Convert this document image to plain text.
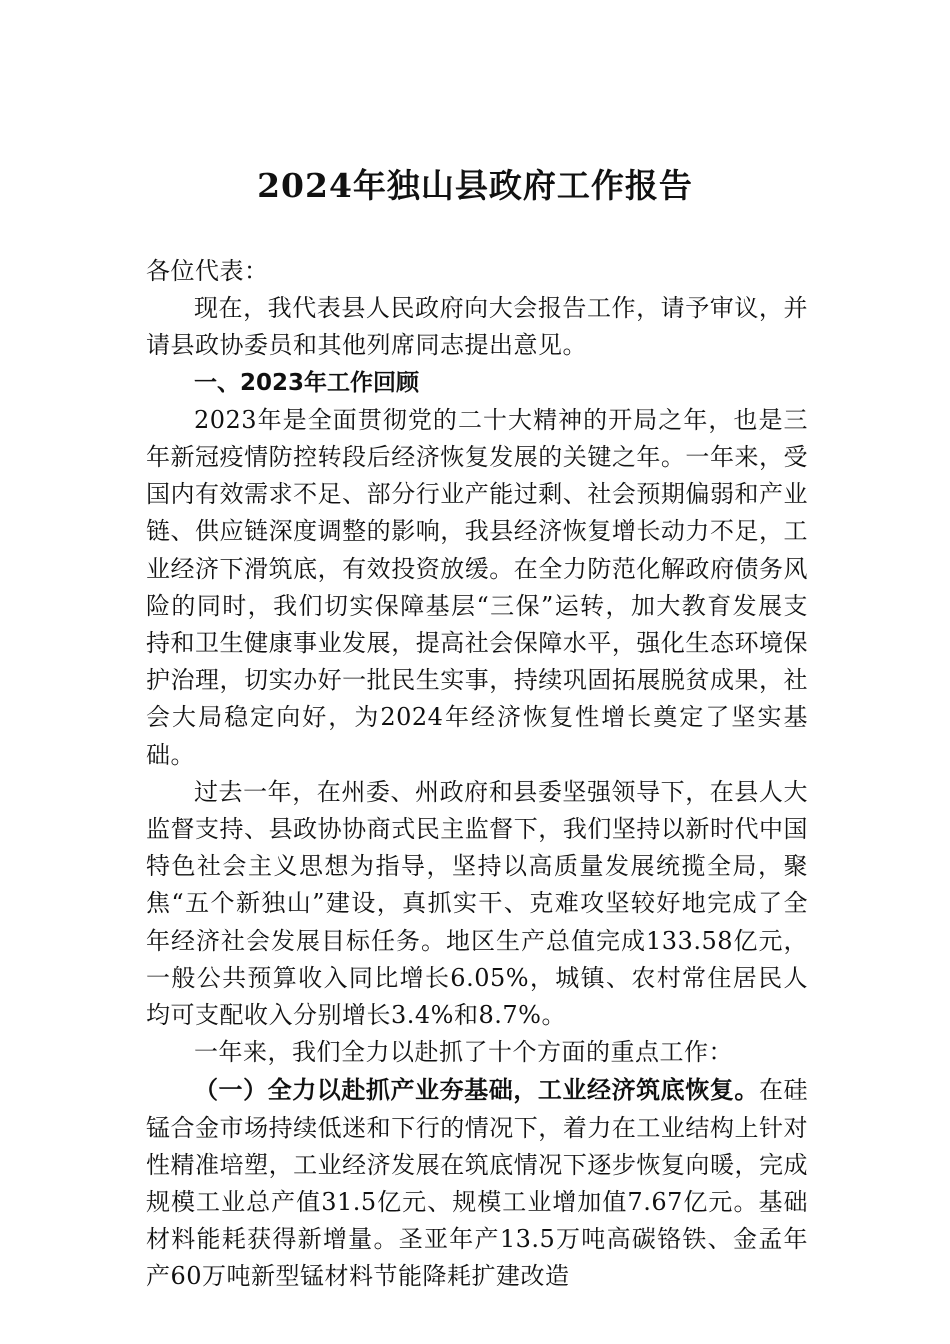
2024年独山县政府工作报告

各位代表：

现在，我代表县人民政府向大会报告工作，请予审议，并请县政协委员和其他列席同志提出意见。

一、2023年工作回顾

2023年是全面贯彻党的二十大精神的开局之年，也是三年新冠疫情防控转段后经济恢复发展的关键之年。一年来，受国内有效需求不足、部分行业产能过剩、社会预期偏弱和产业链、供应链深度调整的影响，我县经济恢复增长动力不足，工业经济下滑筑底，有效投资放缓。在全力防范化解政府债务风险的同时，我们切实保障基层“三保”运转，加大教育发展支持和卫生健康事业发展，提高社会保障水平，强化生态环境保护治理，切实办好一批民生实事，持续巩固拓展脱贫成果，社会大局稳定向好，为2024年经济恢复性增长奠定了坚实基础。

过去一年，在州委、州政府和县委坚强领导下，在县人大监督支持、县政协协商式民主监督下，我们坚持以新时代中国特色社会主义思想为指导，坚持以高质量发展统揽全局，聚焦“五个新独山”建设，真抓实干、克难攻坚较好地完成了全年经济社会发展目标任务。地区生产总值完成133.58亿元，一般公共预算收入同比增长6.05%，城镇、农村常住居民人均可支配收入分别增长3.4%和8.7%。

一年来，我们全力以赴抓了十个方面的重点工作：

（一）全力以赴抓产业夯基础，工业经济筑底恢复。在硅锰合金市场持续低迷和下行的情况下，着力在工业结构上针对性精准培塑，工业经济发展在筑底情况下逐步恢复向暖，完成规模工业总产值31.5亿元、规模工业增加值7.67亿元。基础材料能耗获得新增量。圣亚年产13.5万吨高碳铬铁、金孟年产60万吨新型锰材料节能降耗扩建改造
